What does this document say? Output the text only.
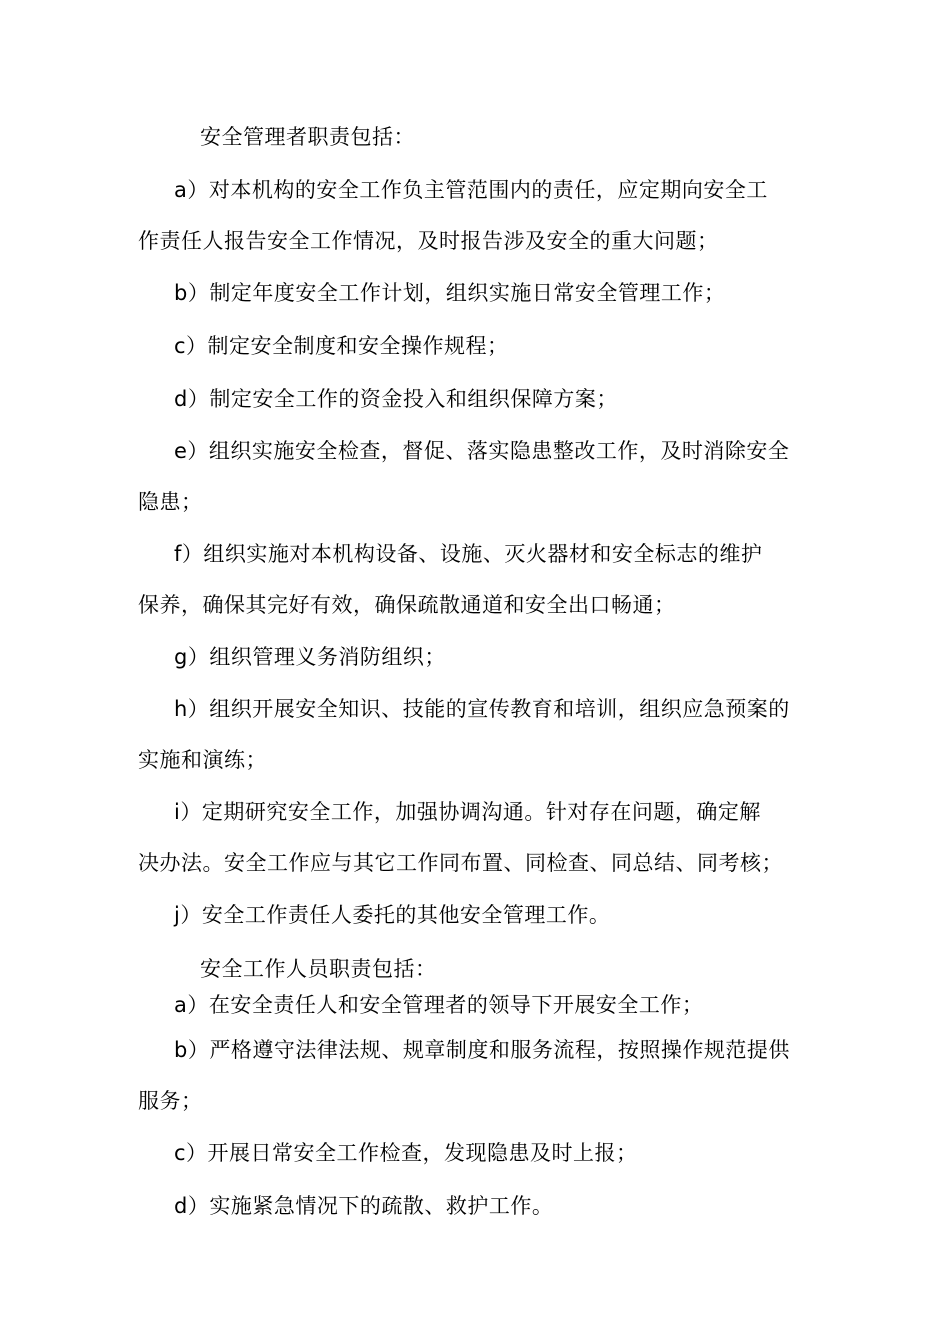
安全管理者职责包括：
a）对本机构的安全工作负主管范围内的责任，应定期向安全工
作责任人报告安全工作情况，及时报告涉及安全的重大问题；
b）制定年度安全工作计划，组织实施日常安全管理工作；
c）制定安全制度和安全操作规程；
d）制定安全工作的资金投入和组织保障方案；
e）组织实施安全检查，督促、落实隐患整改工作，及时消除安全
隐患；
f）组织实施对本机构设备、设施、灭火器材和安全标志的维护
保养，确保其完好有效，确保疏散通道和安全出口畅通；
g）组织管理义务消防组织；
h）组织开展安全知识、技能的宣传教育和培训，组织应急预案的
实施和演练；
i）定期研究安全工作，加强协调沟通。针对存在问题，确定解
决办法。安全工作应与其它工作同布置、同检查、同总结、同考核；
j）安全工作责任人委托的其他安全管理工作。
安全工作人员职责包括：
a）在安全责任人和安全管理者的领导下开展安全工作；
b）严格遵守法律法规、规章制度和服务流程，按照操作规范提供
服务；
c）开展日常安全工作检查，发现隐患及时上报；
d）实施紧急情况下的疏散、救护工作。
